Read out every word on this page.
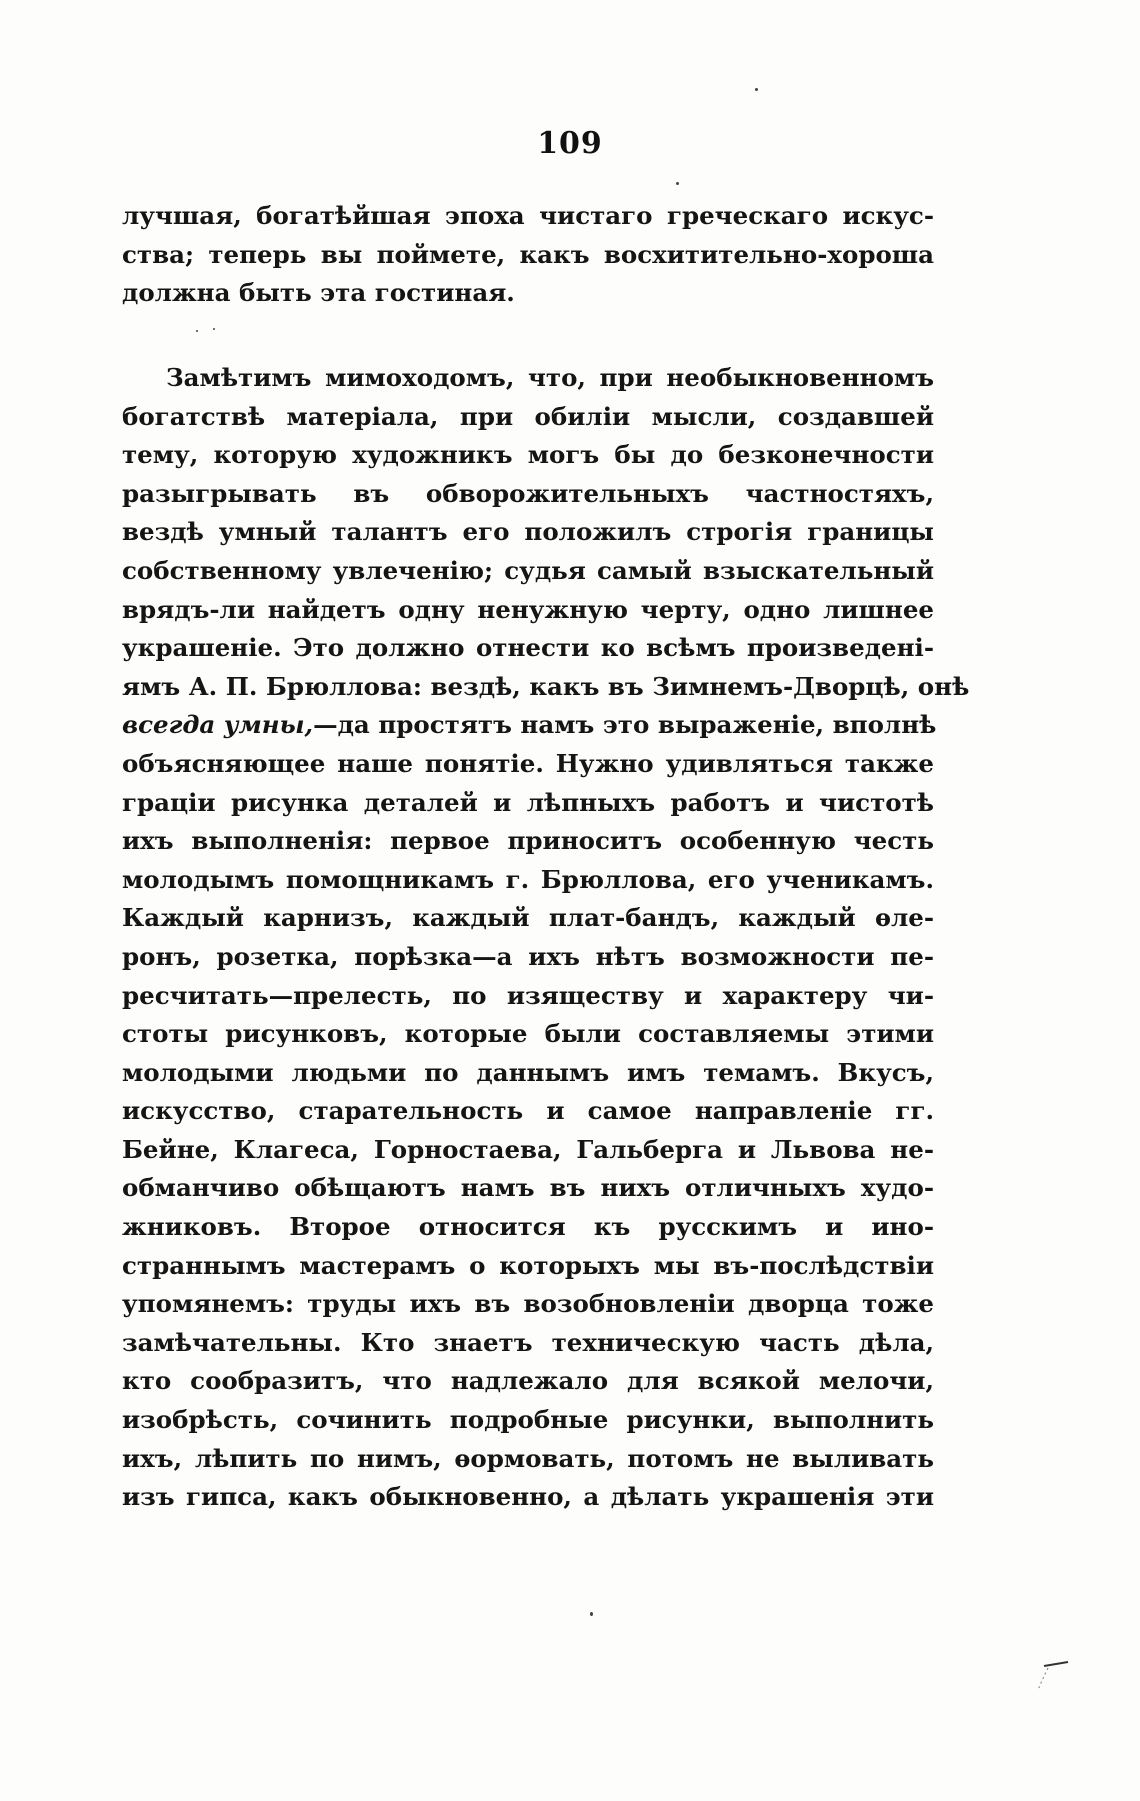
109
лучшая, богатѣйшая эпоха чистаго греческаго искус-
ства; теперь вы поймете, какъ восхитительно-хороша
должна быть эта гостиная.
Замѣтимъ мимоходомъ, что, при необыкновенномъ
богатствѣ матеріала, при обиліи мысли, создавшей
тему, которую художникъ могъ бы до безконечности
разыгрывать въ обворожительныхъ частностяхъ,
вездѣ умный талантъ его положилъ строгія границы
собственному увлеченію; судья самый взыскательный
врядъ-ли найдетъ одну ненужную черту, одно лишнее
украшеніе. Это должно отнести ко всѣмъ произведені-
ямъ А. П. Брюллова: вездѣ, какъ въ Зимнемъ-Дворцѣ, онѣ
всегда умны,—да простятъ намъ это выраженіе, вполнѣ
объясняющее наше понятіе. Нужно удивляться также
граціи рисунка деталей и лѣпныхъ работъ и чистотѣ
ихъ выполненія: первое приноситъ особенную честь
молодымъ помощникамъ г. Брюллова, его ученикамъ.
Каждый карнизъ, каждый плат-бандъ, каждый ѳле-
ронъ, розетка, порѣзка—а ихъ нѣтъ возможности пе-
ресчитать—прелесть, по изяществу и характеру чи-
стоты рисунковъ, которые были составляемы этими
молодыми людьми по даннымъ имъ темамъ. Вкусъ,
искусство, старательность и самое направленіе гг.
Бейне, Клагеса, Горностаева, Гальберга и Львова не-
обманчиво обѣщаютъ намъ въ нихъ отличныхъ худо-
жниковъ. Второе относится къ русскимъ и ино-
страннымъ мастерамъ о которыхъ мы въ-послѣдствіи
упомянемъ: труды ихъ въ возобновленіи дворца тоже
замѣчательны. Кто знаетъ техническую часть дѣла,
кто сообразитъ, что надлежало для всякой мелочи,
изобрѣсть, сочинить подробные рисунки, выполнить
ихъ, лѣпить по нимъ, ѳормовать, потомъ не выливать
изъ гипса, какъ обыкновенно, а дѣлать украшенія эти
